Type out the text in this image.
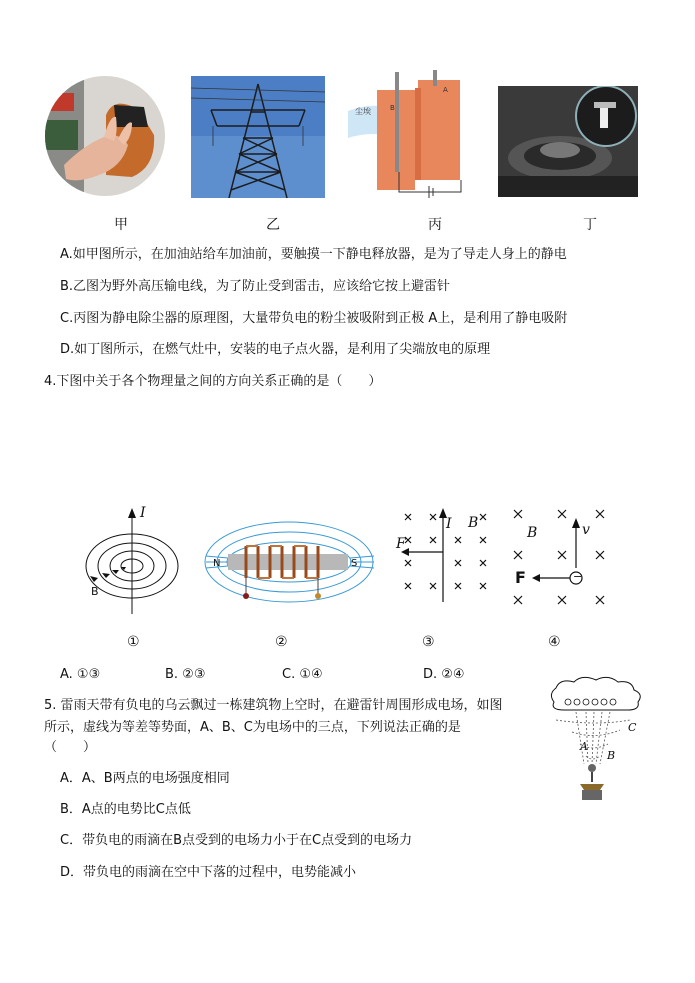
尘埃	B
A
甲	乙	丙	丁
A.如甲图所示，在加油站给车加油前，要触摸一下静电释放器，是为了导走人身上的静电
B.乙图为野外高压输电线，为了防止受到雷击，应该给它按上避雷针
C.丙图为静电除尘器的原理图，大量带负电的粉尘被吸附到正极 A上，是利用了静电吸附
D.如丁图所示，在燃气灶中，安装的电子点火器，是利用了尖端放电的原理
4.下图中关于各个物理量之间的方向关系正确的是（　　）
I
B
N	S
F
I B
B	v
F	−
①	②	③	④
A. ①③	B. ②③	C. ①④	D. ②④
5. 雷雨天带有负电的乌云飘过一栋建筑物上空时，在避雷针周围形成电场，如图
所示，虚线为等差等势面，A、B、C为电场中的三点，下列说法正确的是
（　　）
C
A
B
A．A、B两点的电场强度相同
B．A点的电势比C点低
C．带负电的雨滴在B点受到的电场力小于在C点受到的电场力
D．带负电的雨滴在空中下落的过程中，电势能减小
